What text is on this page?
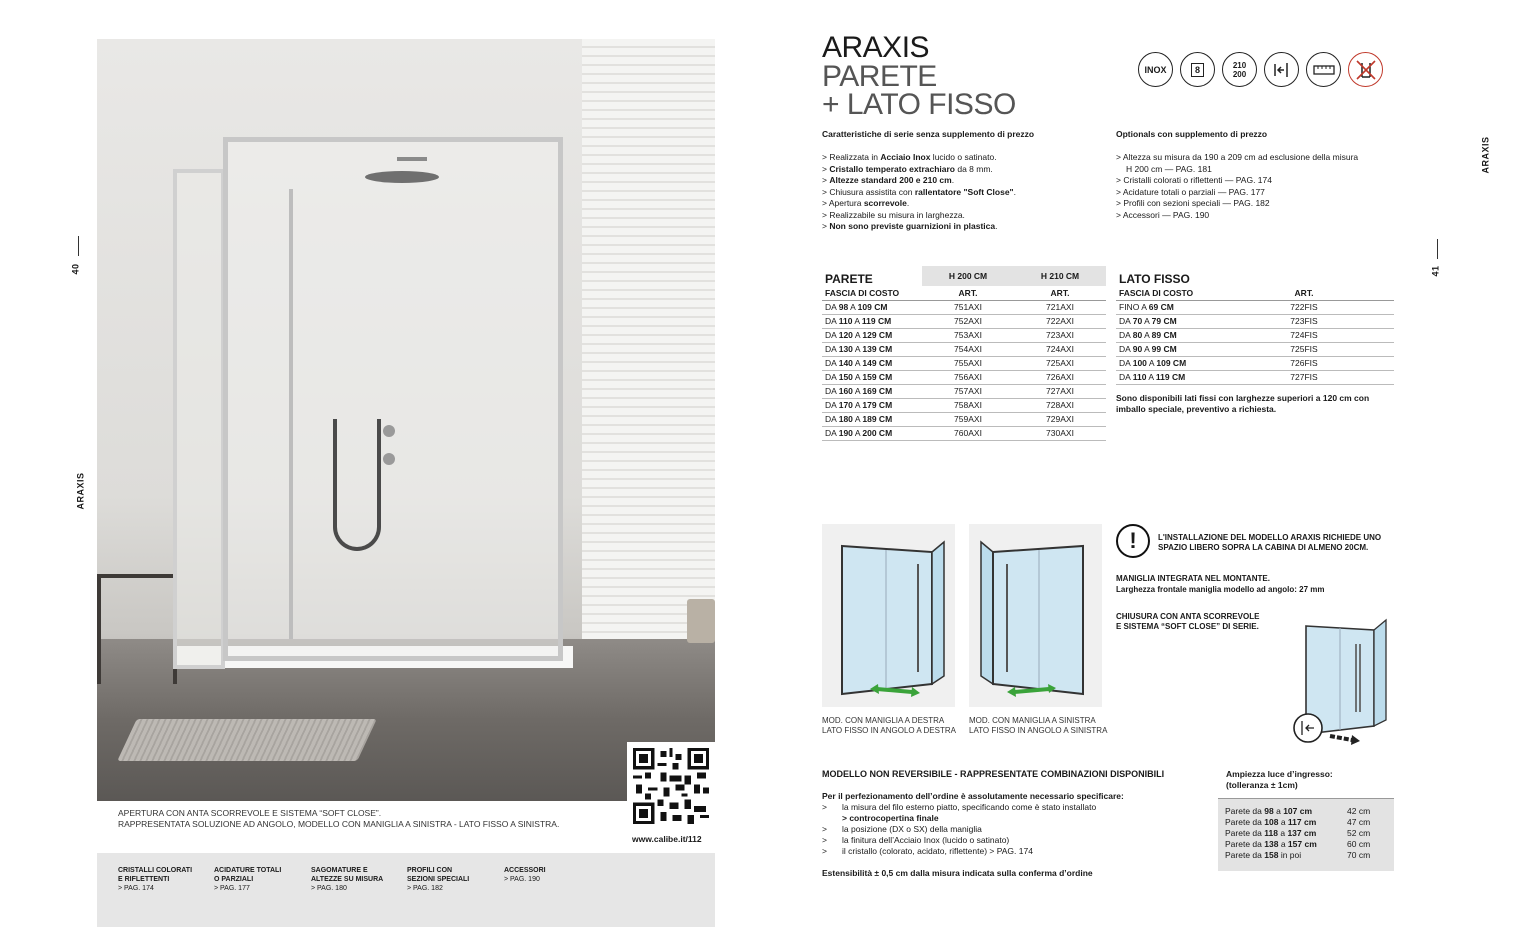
40
ARAXIS
APERTURA CON ANTA SCORREVOLE E SISTEMA “SOFT CLOSE”.
RAPPRESENTATA SOLUZIONE AD ANGOLO, MODELLO CON MANIGLIA A SINISTRA - LATO FISSO A SINISTRA.
www.calibe.it/112
CRISTALLI COLORATI
E RIFLETTENTI
> PAG. 174
ACIDATURE TOTALI
O PARZIALI
> PAG. 177
SAGOMATURE E
ALTEZZE SU MISURA
> PAG. 180
PROFILI CON
SEZIONI SPECIALI
> PAG. 182
ACCESSORI
> PAG. 190
41
ARAXIS
ARAXIS
PARETE
+ LATO FISSO
INOX	8	210
200
Caratteristiche di serie senza supplemento di prezzo
> Realizzata in Acciaio Inox lucido o satinato.
> Cristallo temperato extrachiaro da 8 mm.
> Altezze standard 200 e 210 cm.
> Chiusura assistita con rallentatore "Soft Close".
> Apertura scorrevole.
> Realizzabile su misura in larghezza.
> Non sono previste guarnizioni in plastica.
Optionals con supplemento di prezzo
> Altezza su misura da 190 a 209 cm ad esclusione della misura
H 200 cm — PAG. 181
> Cristalli colorati o riflettenti — PAG. 174
> Acidature totali o parziali — PAG. 177
> Profili con sezioni speciali — PAG. 182
> Accessori — PAG. 190
PARETE	H 200 CM	H 210 CM
FASCIA DI COSTO	ART.	ART.
DA 98 A 109 CM	751AXI	721AXI
DA 110 A 119 CM	752AXI	722AXI
DA 120 A 129 CM	753AXI	723AXI
DA 130 A 139 CM	754AXI	724AXI
DA 140 A 149 CM	755AXI	725AXI
DA 150 A 159 CM	756AXI	726AXI
DA 160 A 169 CM	757AXI	727AXI
DA 170 A 179 CM	758AXI	728AXI
DA 180 A 189 CM	759AXI	729AXI
DA 190 A 200 CM	760AXI	730AXI
LATO FISSO	
FASCIA DI COSTO	ART.
FINO A 69 CM	722FIS
DA 70 A 79 CM	723FIS
DA 80 A 89 CM	724FIS
DA 90 A 99 CM	725FIS
DA 100 A 109 CM	726FIS
DA 110 A 119 CM	727FIS
Sono disponibili lati fissi con larghezze superiori a 120 cm con
imballo speciale, preventivo a richiesta.
MOD. CON MANIGLIA A DESTRA
LATO FISSO IN ANGOLO A DESTRA
MOD. CON MANIGLIA A SINISTRA
LATO FISSO IN ANGOLO A SINISTRA
!	L'INSTALLAZIONE DEL MODELLO ARAXIS RICHIEDE UNO
SPAZIO LIBERO SOPRA LA CABINA DI ALMENO 20CM.
MANIGLIA INTEGRATA NEL MONTANTE.
Larghezza frontale maniglia modello ad angolo: 27 mm
CHIUSURA CON ANTA SCORREVOLE
E SISTEMA “SOFT CLOSE” DI SERIE.
MODELLO NON REVERSIBILE - RAPPRESENTATE COMBINAZIONI DISPONIBILI
Per il perfezionamento dell’ordine è assolutamente necessario specificare:
> la misura del filo esterno piatto, specificando come è stato installato
> controcopertina finale
> la posizione (DX o SX) della maniglia
> la finitura dell’Acciaio Inox (lucido o satinato)
> il cristallo (colorato, acidato, riflettente) > PAG. 174
Estensibilità ± 0,5 cm dalla misura indicata sulla conferma d’ordine
Ampiezza luce d’ingresso:
(tolleranza ± 1cm)
Parete da 98 a 107 cm	42 cm
Parete da 108 a 117 cm	47 cm
Parete da 118 a 137 cm	52 cm
Parete da 138 a 157 cm	60 cm
Parete da 158 in poi	70 cm
